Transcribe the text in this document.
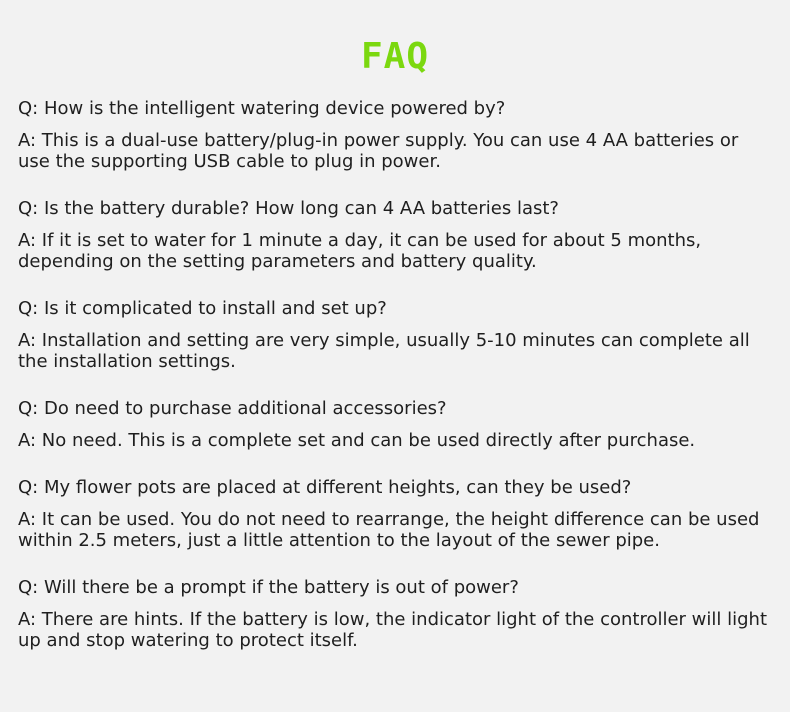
FAQ

Q: How is the intelligent watering device powered by?

A: This is a dual-use battery/plug-in power supply. You can use 4 AA batteries or use the supporting USB cable to plug in power.

Q: Is the battery durable? How long can 4 AA batteries last?

A: If it is set to water for 1 minute a day, it can be used for about 5 months, depending on the setting parameters and battery quality.

Q: Is it complicated to install and set up?

A: Installation and setting are very simple, usually 5-10 minutes can complete all the installation settings.

Q: Do need to purchase additional accessories?

A: No need. This is a complete set and can be used directly after purchase.

Q: My flower pots are placed at different heights, can they be used?

A: It can be used. You do not need to rearrange, the height difference can be used within 2.5 meters, just a little attention to the layout of the sewer pipe.

Q: Will there be a prompt if the battery is out of power?

A: There are hints. If the battery is low, the indicator light of the controller will light up and stop watering to protect itself.
